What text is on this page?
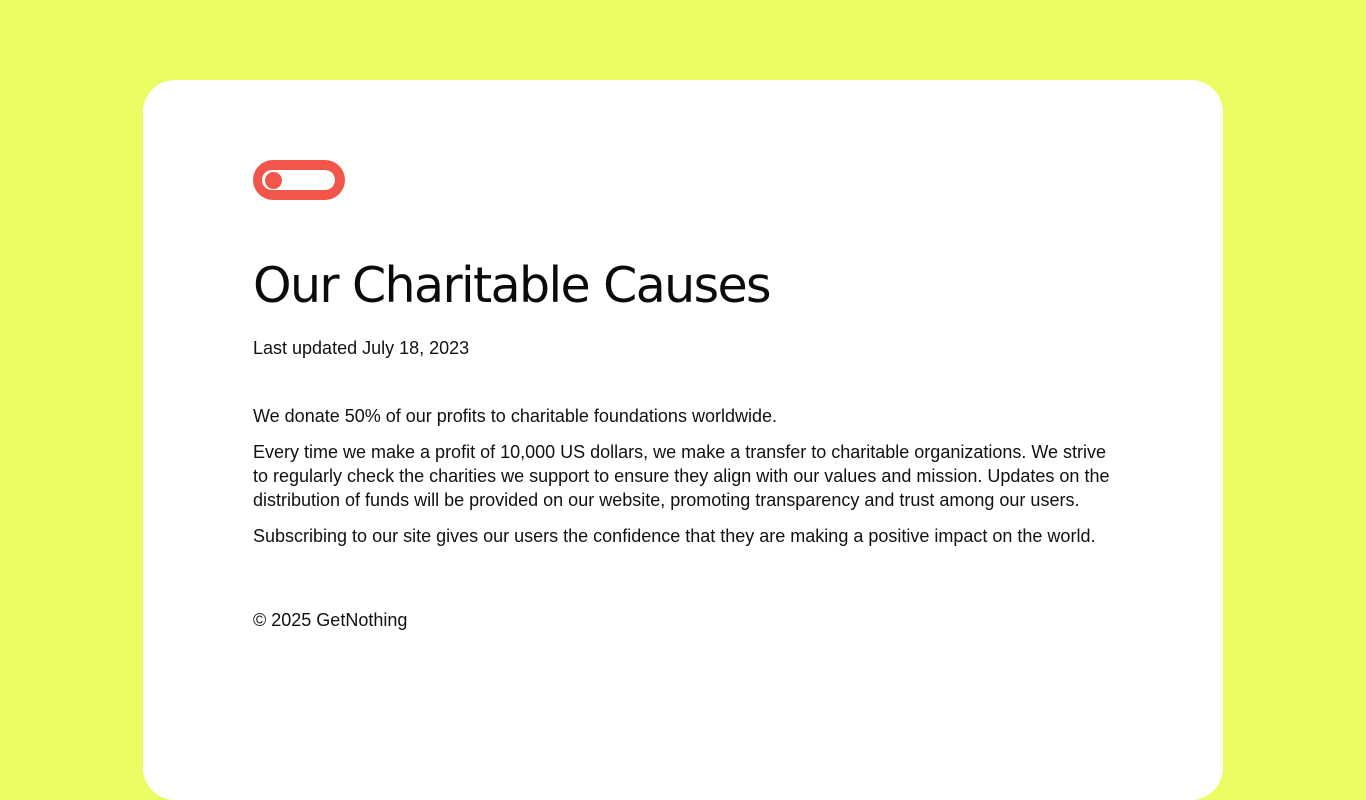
Our Charitable Causes

Last updated July 18, 2023

We donate 50% of our profits to charitable foundations worldwide.

Every time we make a profit of 10,000 US dollars, we make a transfer to charitable organizations. We strive to regularly check the charities we support to ensure they align with our values and mission. Updates on the distribution of funds will be provided on our website, promoting transparency and trust among our users.

Subscribing to our site gives our users the confidence that they are making a positive impact on the world.

© 2025 GetNothing
